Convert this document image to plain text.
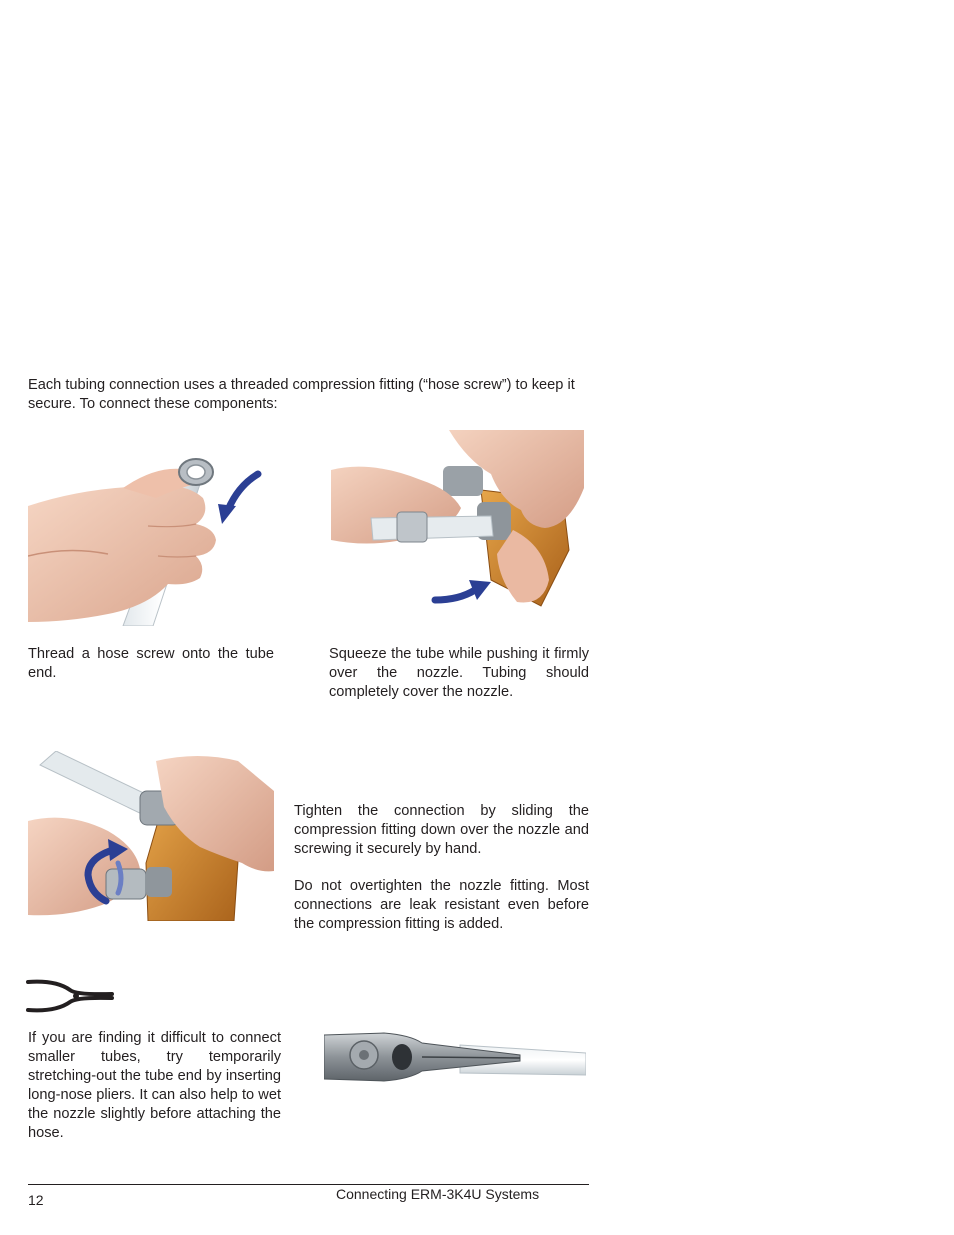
Each tubing connection uses a threaded compression fitting (“hose screw”) to keep it secure. To connect these components:

Thread a hose screw onto the tube end.

Squeeze the tube while pushing it firmly over the nozzle. Tubing should completely cover the nozzle.

Tighten the connection by sliding the compression fitting down over the nozzle and screwing it securely by hand.

Do not overtighten the nozzle fitting. Most connections are leak resistant even before the compression fitting is added.

If you are finding it difficult to connect smaller tubes, try temporarily stretching-out the tube end by inserting long-nose pliers. It can also help to wet the nozzle slightly before attaching the hose.

12	Connecting ERM-3K4U Systems
